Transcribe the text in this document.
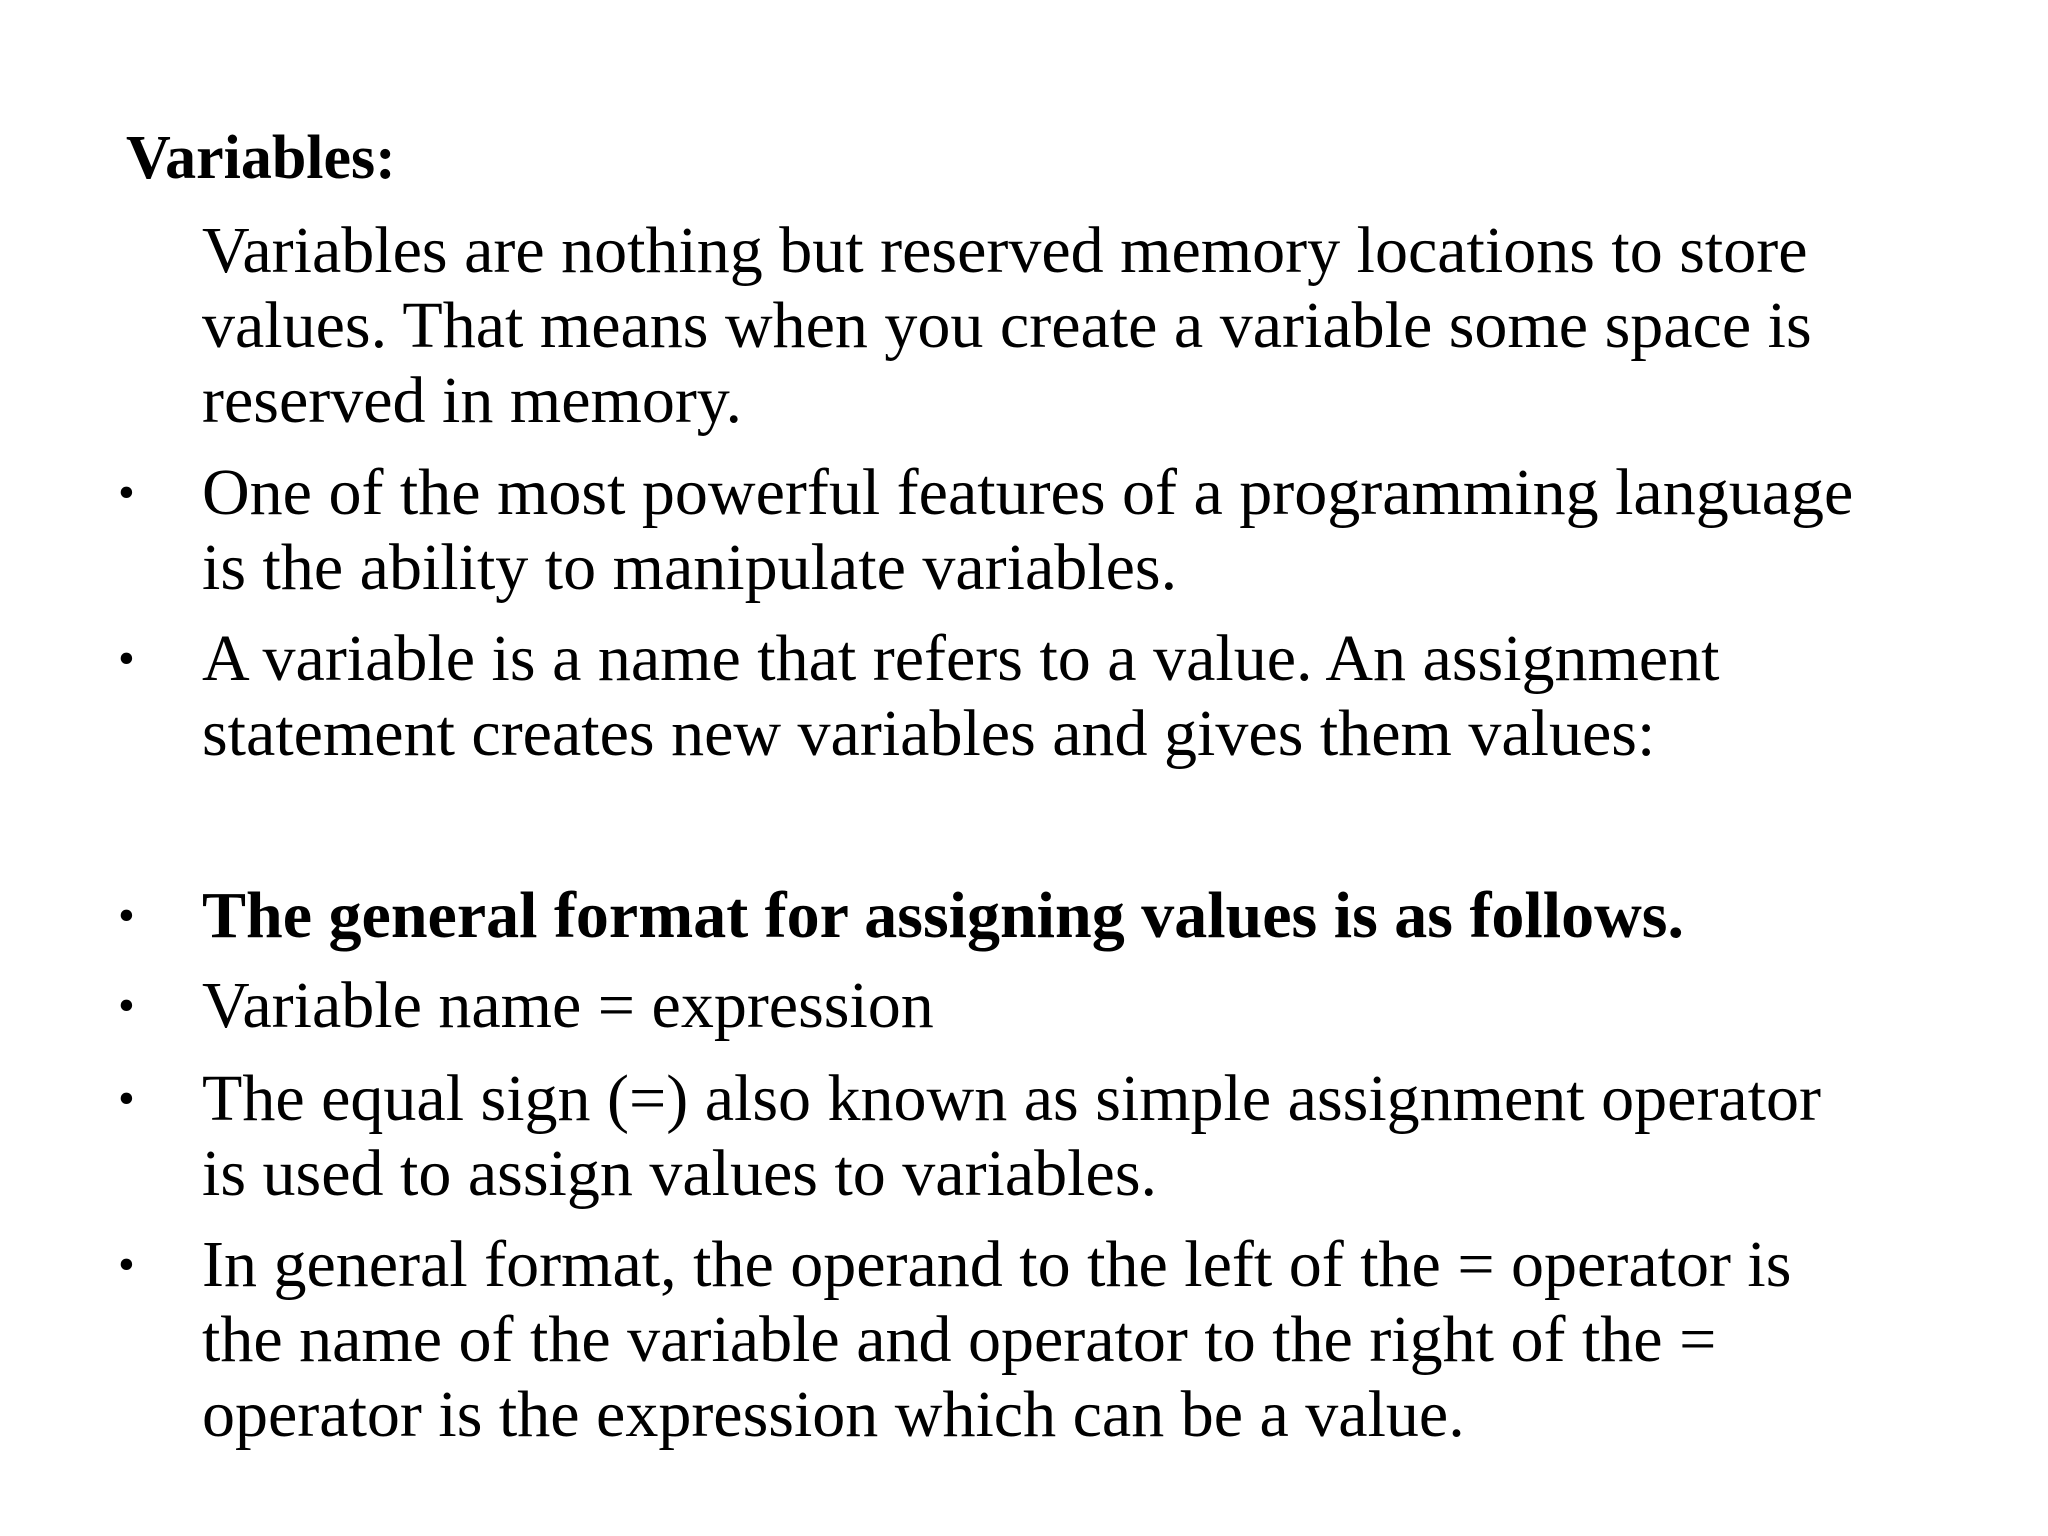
Variables:

Variables are nothing but reserved memory locations to store
values. That means when you create a variable some space is
reserved in memory.

•	One of the most powerful features of a programming language
is the ability to manipulate variables.
•	A variable is a name that refers to a value. An assignment
statement creates new variables and gives them values:
•	The general format for assigning values is as follows.
•	Variable name = expression
•	The equal sign (=) also known as simple assignment operator
is used to assign values to variables.
•	In general format, the operand to the left of the = operator is
the name of the variable and operator to the right of the =
operator is the expression which can be a value.
